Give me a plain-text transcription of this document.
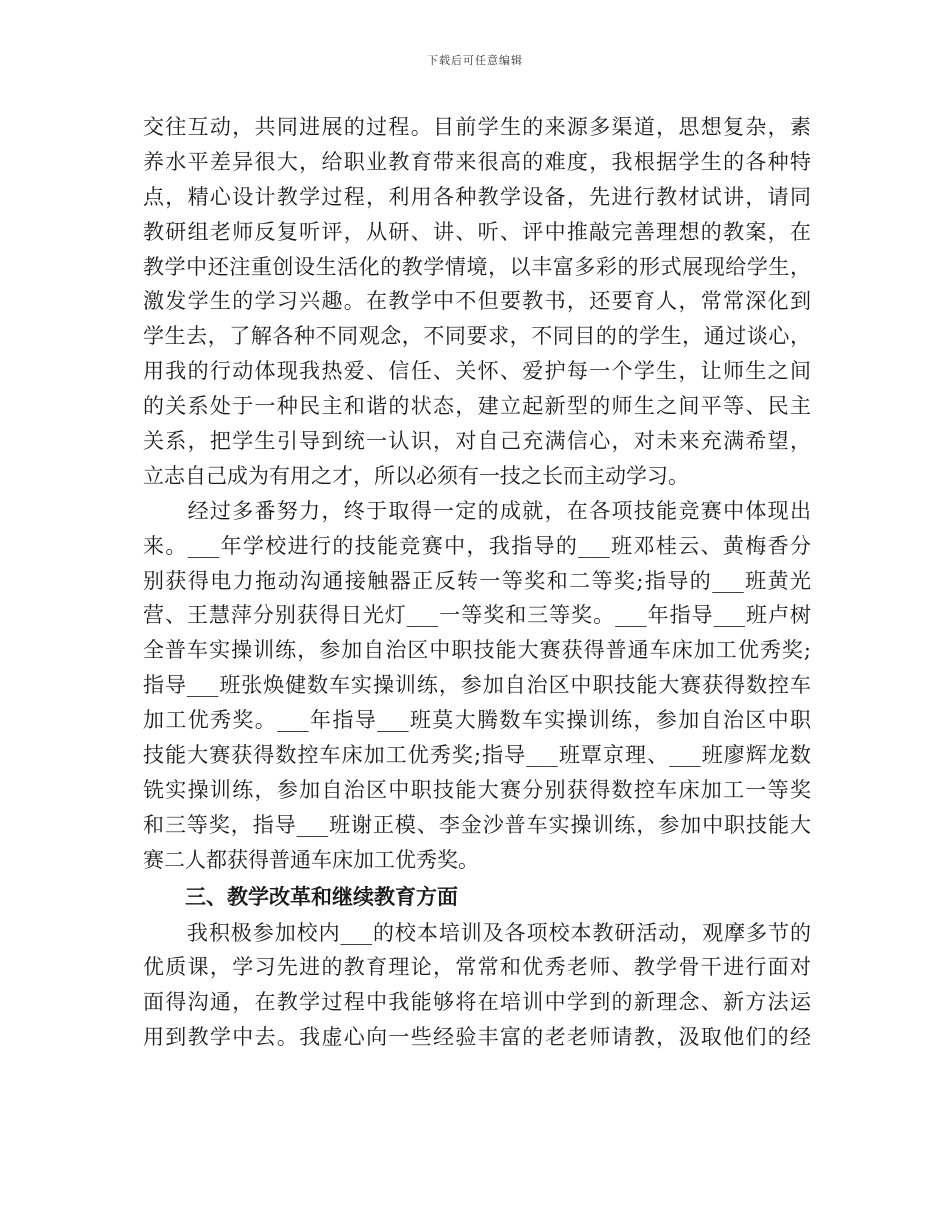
下载后可任意编辑
交往互动，共同进展的过程。目前学生的来源多渠道，思想复杂，素
养水平差异很大，给职业教育带来很高的难度，我根据学生的各种特
点，精心设计教学过程，利用各种教学设备，先进行教材试讲，请同
教研组老师反复听评，从研、讲、听、评中推敲完善理想的教案，在
教学中还注重创设生活化的教学情境，以丰富多彩的形式展现给学生，
激发学生的学习兴趣。在教学中不但要教书，还要育人，常常深化到
学生去，了解各种不同观念，不同要求，不同目的的学生，通过谈心，
用我的行动体现我热爱、信任、关怀、爱护每一个学生，让师生之间
的关系处于一种民主和谐的状态，建立起新型的师生之间平等、民主
关系，把学生引导到统一认识，对自己充满信心，对未来充满希望，
立志自己成为有用之才，所以必须有一技之长而主动学习。
　　经过多番努力，终于取得一定的成就，在各项技能竞赛中体现出
来。___年学校进行的技能竞赛中，我指导的___班邓桂云、黄梅香分
别获得电力拖动沟通接触器正反转一等奖和二等奖;指导的___班黄光
营、王慧萍分别获得日光灯___一等奖和三等奖。___年指导___班卢树
全普车实操训练，参加自治区中职技能大赛获得普通车床加工优秀奖;
指导___班张焕健数车实操训练，参加自治区中职技能大赛获得数控车
加工优秀奖。___年指导___班莫大腾数车实操训练，参加自治区中职
技能大赛获得数控车床加工优秀奖;指导___班覃京理、___班廖辉龙数
铣实操训练，参加自治区中职技能大赛分别获得数控车床加工一等奖
和三等奖，指导___班谢正模、李金沙普车实操训练，参加中职技能大
赛二人都获得普通车床加工优秀奖。
　　三、教学改革和继续教育方面
　　我积极参加校内___的校本培训及各项校本教研活动，观摩多节的
优质课，学习先进的教育理论，常常和优秀老师、教学骨干进行面对
面得沟通，在教学过程中我能够将在培训中学到的新理念、新方法运
用到教学中去。我虚心向一些经验丰富的老老师请教，汲取他们的经
